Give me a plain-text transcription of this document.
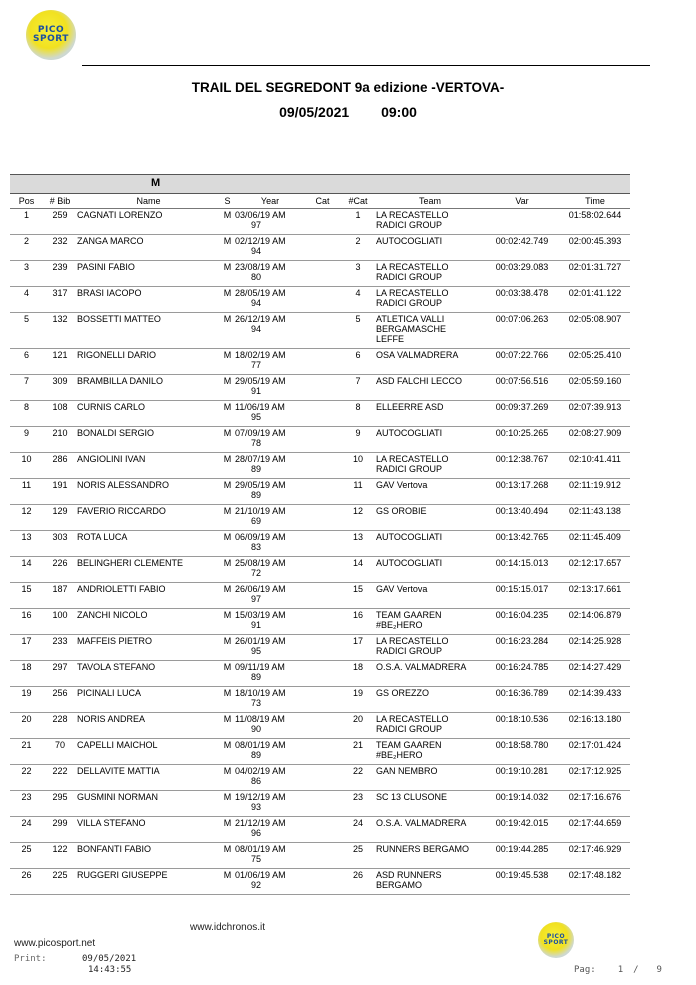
PICO
SPORT
TRAIL DEL SEGREDONT 9a edizione -VERTOVA-
09/05/2021 09:00
M
Pos	# Bib	Name	S	Year	Cat	#Cat	Team	Var	Time
1	259	CAGNATI LORENZO	M	03/06/19 AM
97		1	LA RECASTELLO
RADICI GROUP		01:58:02.644
2	232	ZANGA MARCO	M	02/12/19 AM
94		2	AUTOCOGLIATI	00:02:42.749	02:00:45.393
3	239	PASINI FABIO	M	23/08/19 AM
80		3	LA RECASTELLO
RADICI GROUP	00:03:29.083	02:01:31.727
4	317	BRASI IACOPO	M	28/05/19 AM
94		4	LA RECASTELLO
RADICI GROUP	00:03:38.478	02:01:41.122
5	132	BOSSETTI MATTEO	M	26/12/19 AM
94		5	ATLETICA VALLI
BERGAMASCHE
LEFFE	00:07:06.263	02:05:08.907
6	121	RIGONELLI DARIO	M	18/02/19 AM
77		6	OSA VALMADRERA	00:07:22.766	02:05:25.410
7	309	BRAMBILLA DANILO	M	29/05/19 AM
91		7	ASD FALCHI LECCO	00:07:56.516	02:05:59.160
8	108	CURNIS CARLO	M	11/06/19 AM
95		8	ELLEERRE ASD	00:09:37.269	02:07:39.913
9	210	BONALDI SERGIO	M	07/09/19 AM
78		9	AUTOCOGLIATI	00:10:25.265	02:08:27.909
10	286	ANGIOLINI IVAN	M	28/07/19 AM
89		10	LA RECASTELLO
RADICI GROUP	00:12:38.767	02:10:41.411
11	191	NORIS ALESSANDRO	M	29/05/19 AM
89		11	GAV Vertova	00:13:17.268	02:11:19.912
12	129	FAVERIO RICCARDO	M	21/10/19 AM
69		12	GS OROBIE	00:13:40.494	02:11:43.138
13	303	ROTA LUCA	M	06/09/19 AM
83		13	AUTOCOGLIATI	00:13:42.765	02:11:45.409
14	226	BELINGHERI CLEMENTE	M	25/08/19 AM
72		14	AUTOCOGLIATI	00:14:15.013	02:12:17.657
15	187	ANDRIOLETTI FABIO	M	26/06/19 AM
97		15	GAV Vertova	00:15:15.017	02:13:17.661
16	100	ZANCHI NICOLO	M	15/03/19 AM
91		16	TEAM GAAREN
#BE₂HERO	00:16:04.235	02:14:06.879
17	233	MAFFEIS PIETRO	M	26/01/19 AM
95		17	LA RECASTELLO
RADICI GROUP	00:16:23.284	02:14:25.928
18	297	TAVOLA STEFANO	M	09/11/19 AM
89		18	O.S.A. VALMADRERA	00:16:24.785	02:14:27.429
19	256	PICINALI LUCA	M	18/10/19 AM
73		19	GS OREZZO	00:16:36.789	02:14:39.433
20	228	NORIS ANDREA	M	11/08/19 AM
90		20	LA RECASTELLO
RADICI GROUP	00:18:10.536	02:16:13.180
21	70	CAPELLI MAICHOL	M	08/01/19 AM
89		21	TEAM GAAREN
#BE₂HERO	00:18:58.780	02:17:01.424
22	222	DELLAVITE MATTIA	M	04/02/19 AM
86		22	GAN NEMBRO	00:19:10.281	02:17:12.925
23	295	GUSMINI NORMAN	M	19/12/19 AM
93		23	SC 13 CLUSONE	00:19:14.032	02:17:16.676
24	299	VILLA STEFANO	M	21/12/19 AM
96		24	O.S.A. VALMADRERA	00:19:42.015	02:17:44.659
25	122	BONFANTI FABIO	M	08/01/19 AM
75		25	RUNNERS BERGAMO	00:19:44.285	02:17:46.929
26	225	RUGGERI GIUSEPPE	M	01/06/19 AM
92		26	ASD RUNNERS
BERGAMO	00:19:45.538	02:17:48.182
www.idchronos.it
PICO
SPORT
www.picosport.net
Print:	09/05/2021
14:43:55	Pag: 1 / 9
